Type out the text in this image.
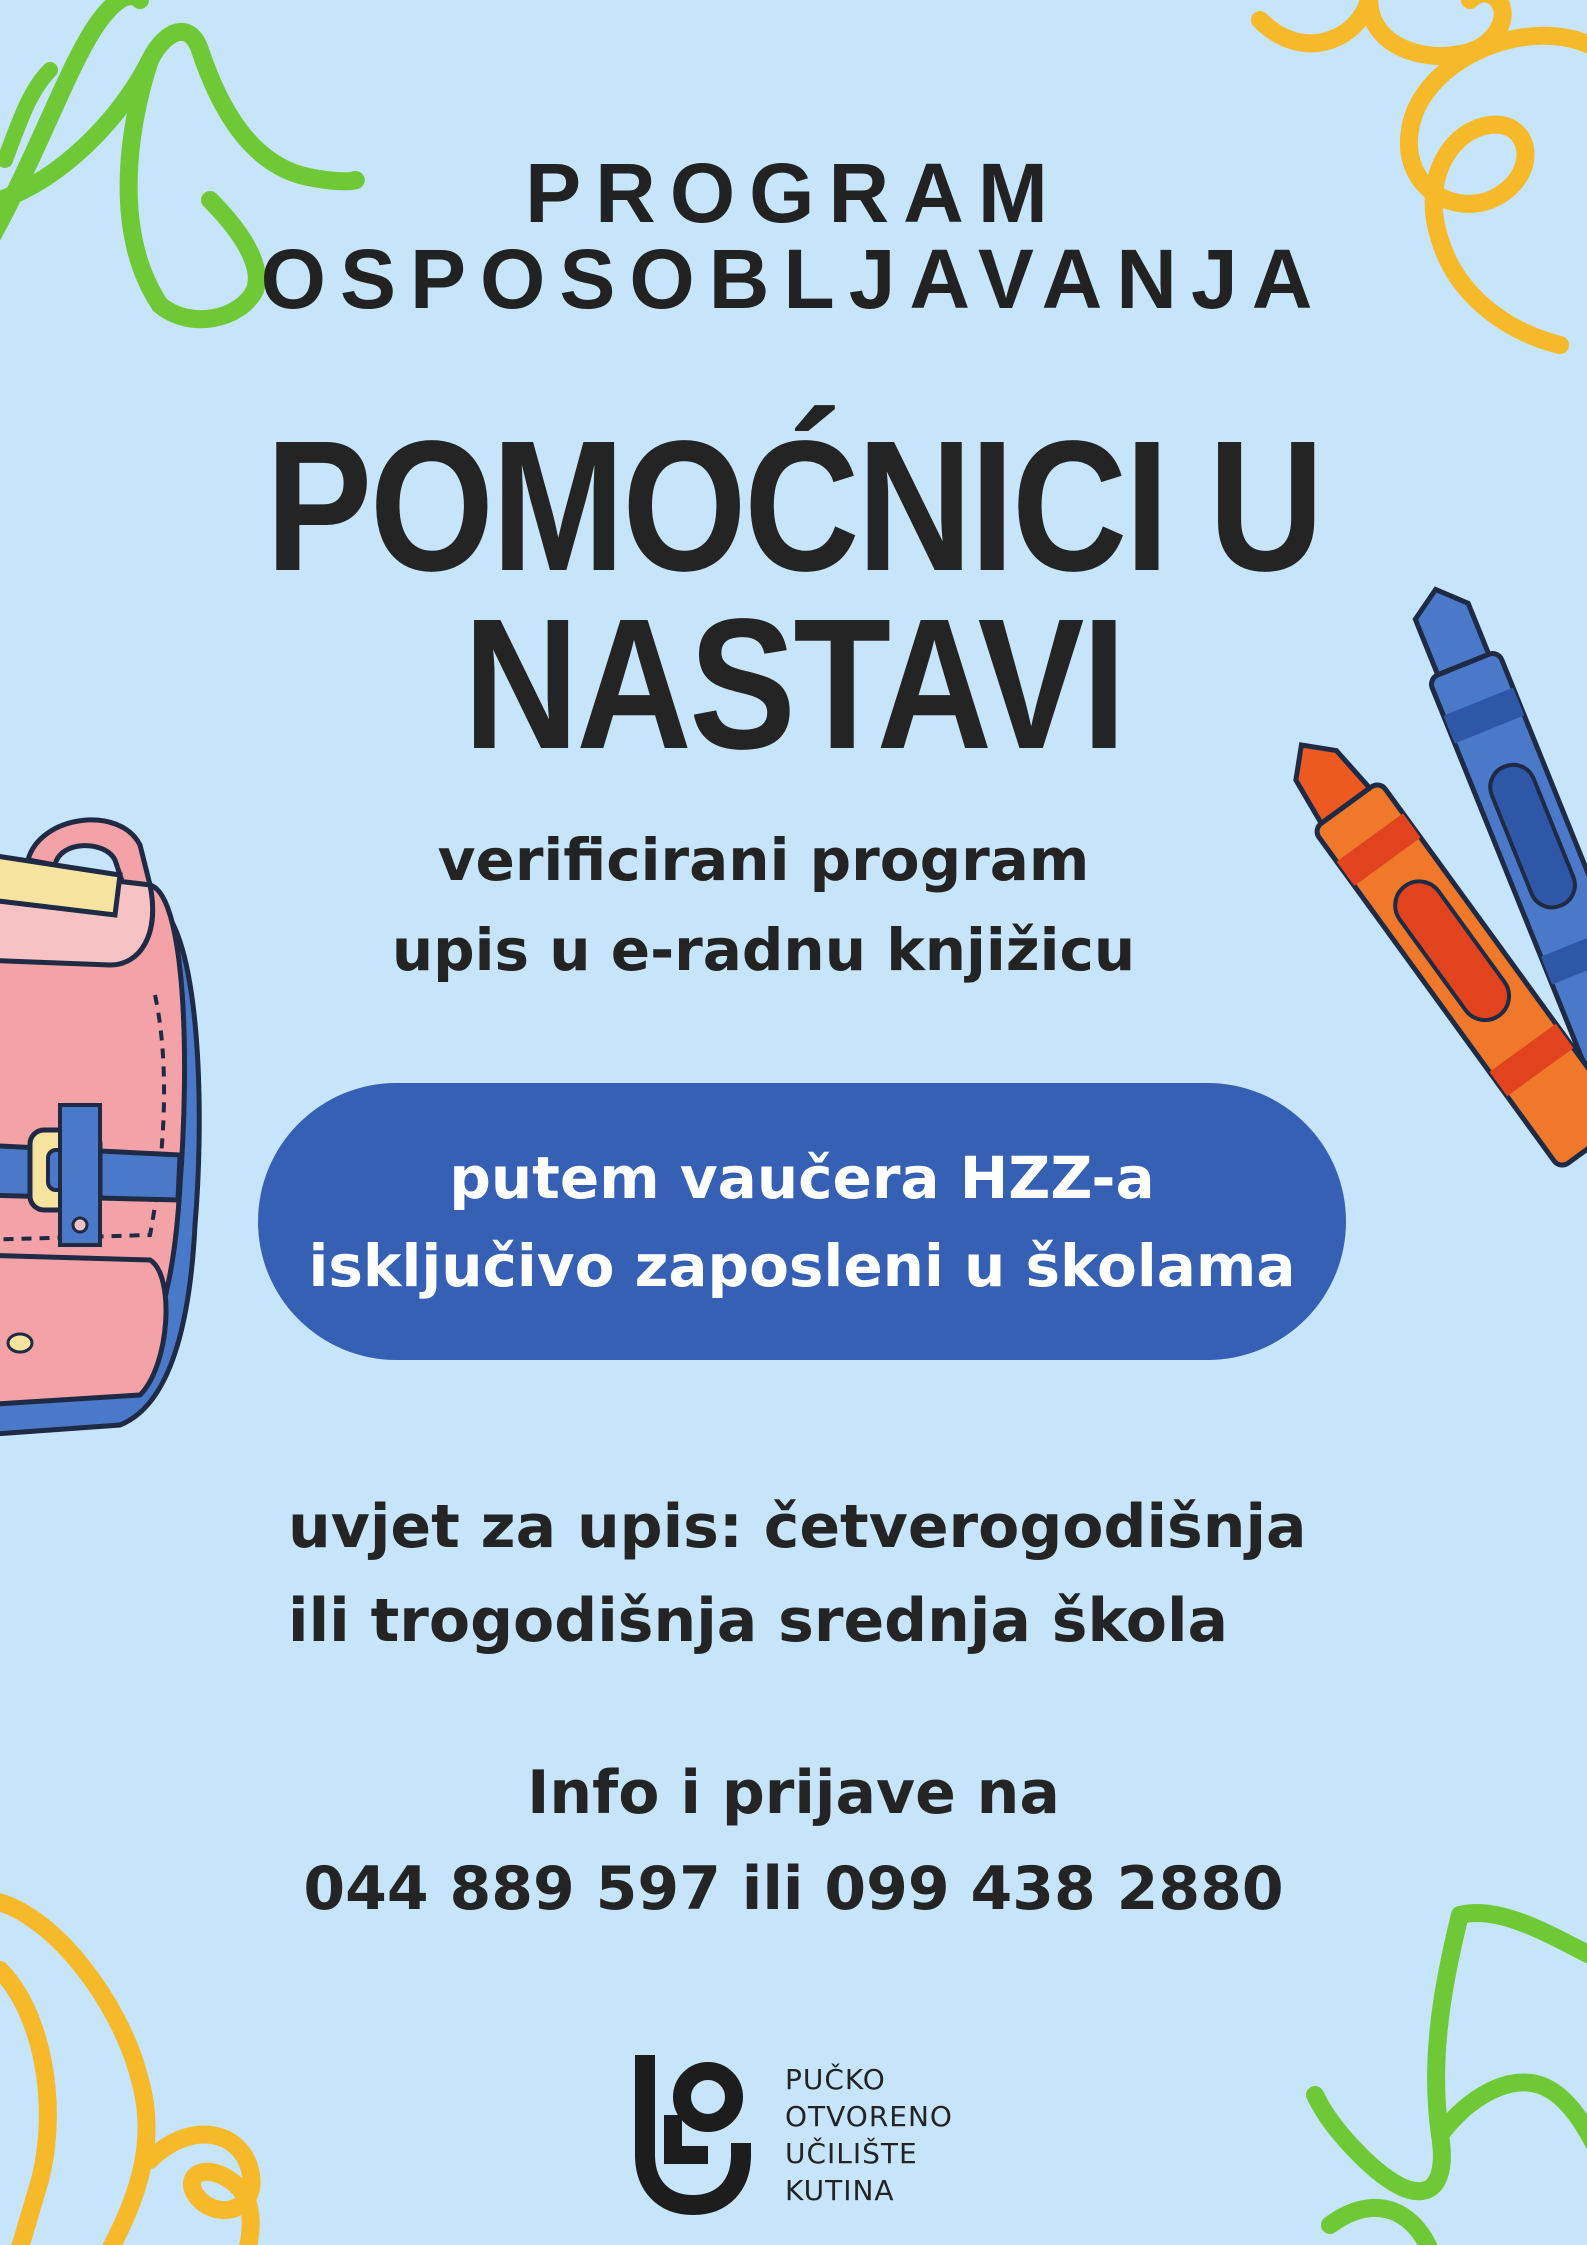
PROGRAM
OSPOSOBLJAVANJA
POMOĆNICI U
NASTAVI
verificirani program
upis u e-radnu knjižicu

putem vaučera HZZ-a
isključivo zaposleni u školama

uvjet za upis: četverogodišnja
ili trogodišnja srednja škola

Info i prijave na
044 889 597 ili 099 438 2880
PUČKO
OTVORENO
UČILIŠTE
KUTINA
